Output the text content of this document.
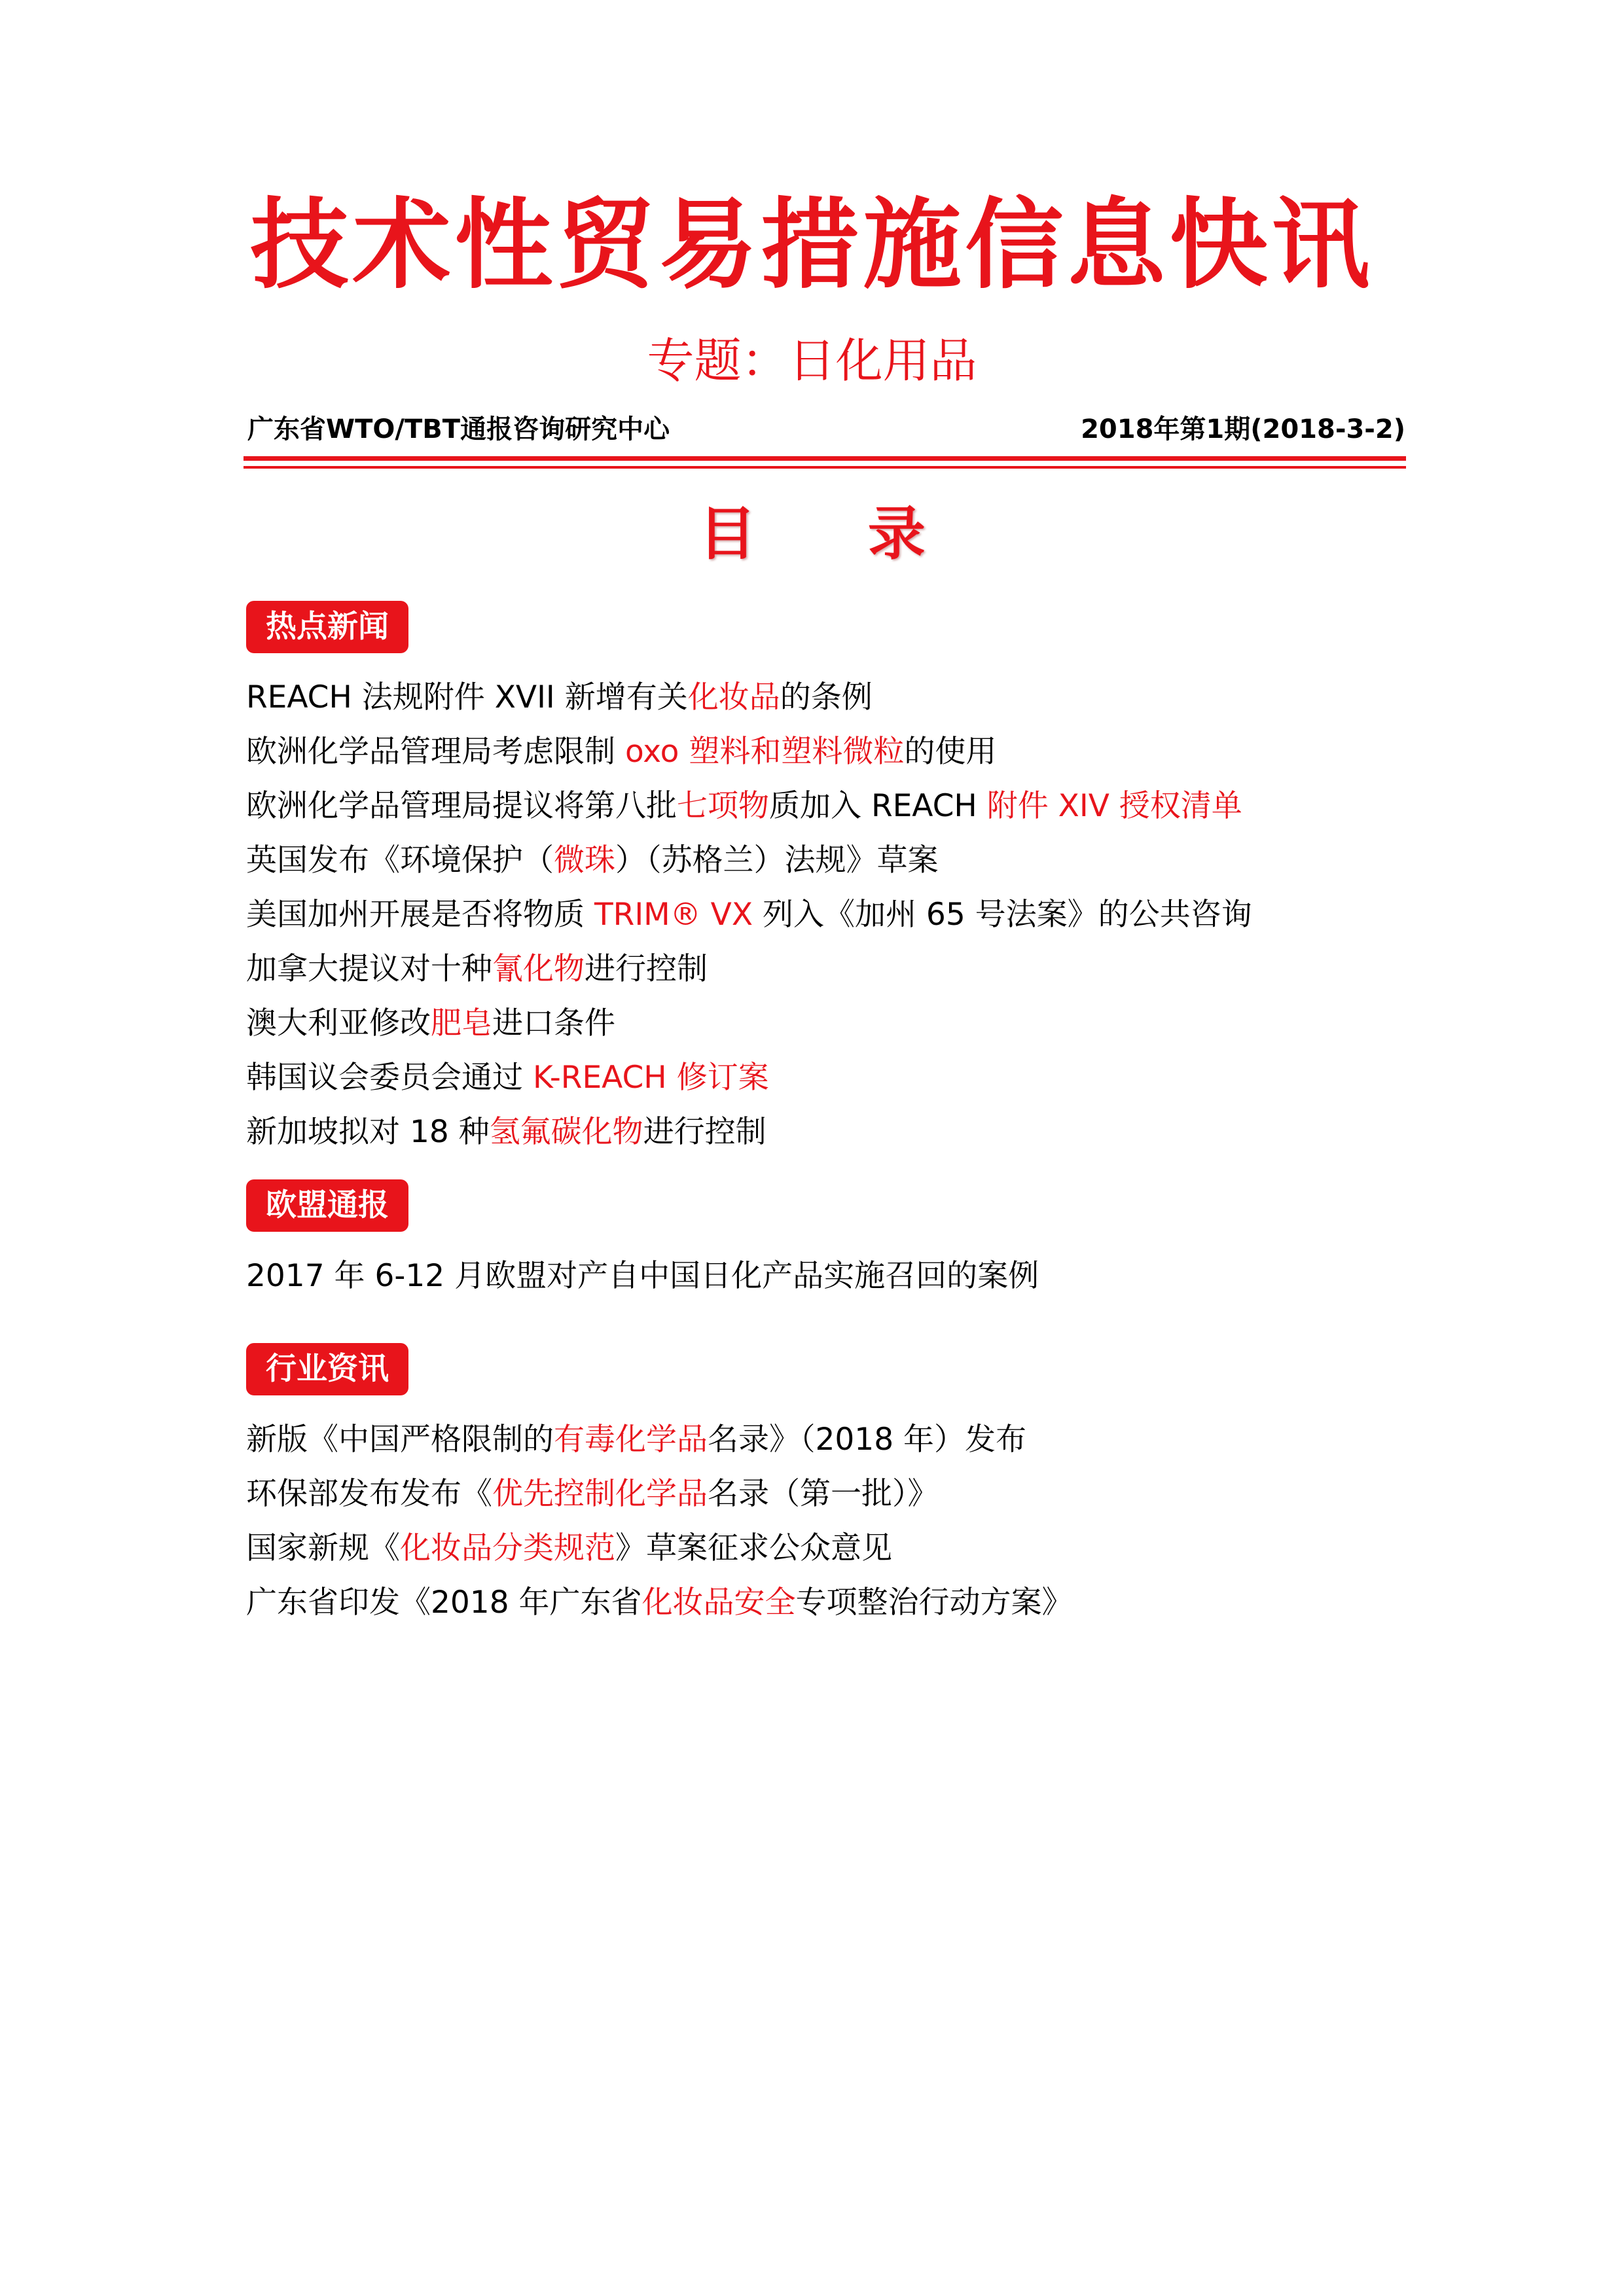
技术性贸易措施信息快讯
专题：日化用品
广东省WTO/TBT通报咨询研究中心	2018年第1期(2018-3-2)
目 录
热点新闻
REACH 法规附件 XVII 新增有关化妆品的条例
欧洲化学品管理局考虑限制 oxo 塑料和塑料微粒的使用
欧洲化学品管理局提议将第八批七项物质加入 REACH 附件 XIV 授权清单
英国发布《环境保护（微珠）（苏格兰）法规》草案
美国加州开展是否将物质 TRIM® VX 列入《加州 65 号法案》的公共咨询
加拿大提议对十种氰化物进行控制
澳大利亚修改肥皂进口条件
韩国议会委员会通过 K-REACH 修订案
新加坡拟对 18 种氢氟碳化物进行控制
欧盟通报
2017 年 6-12 月欧盟对产自中国日化产品实施召回的案例
行业资讯
新版《中国严格限制的有毒化学品名录》（2018 年）发布
环保部发布发布《优先控制化学品名录（第一批）》
国家新规《化妆品分类规范》草案征求公众意见
广东省印发《2018 年广东省化妆品安全专项整治行动方案》
